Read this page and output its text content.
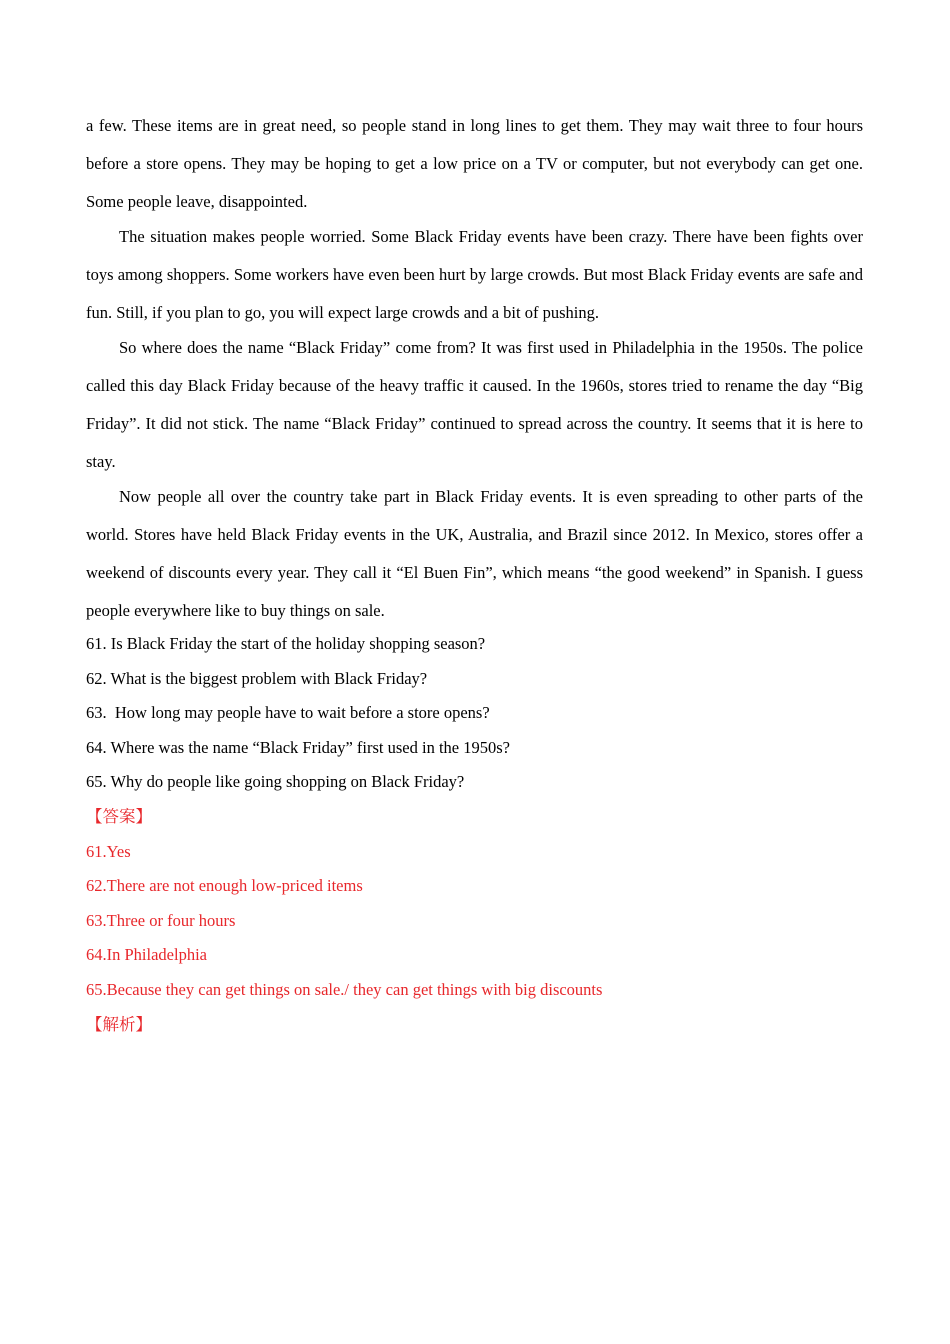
a few. These items are in great need, so people stand in long lines to get them. They may wait three to four hours before a store opens. They may be hoping to get a low price on a TV or computer, but not everybody can get one. Some people leave, disappointed.

The situation makes people worried. Some Black Friday events have been crazy. There have been fights over toys among shoppers. Some workers have even been hurt by large crowds. But most Black Friday events are safe and fun. Still, if you plan to go, you will expect large crowds and a bit of pushing.

So where does the name “Black Friday” come from? It was first used in Philadelphia in the 1950s. The police called this day Black Friday because of the heavy traffic it caused. In the 1960s, stores tried to rename the day “Big Friday”. It did not stick. The name “Black Friday” continued to spread across the country. It seems that it is here to stay.

Now people all over the country take part in Black Friday events. It is even spreading to other parts of the world. Stores have held Black Friday events in the UK, Australia, and Brazil since 2012. In Mexico, stores offer a weekend of discounts every year. They call it “El Buen Fin”, which means “the good weekend” in Spanish. I guess people everywhere like to buy things on sale.

61. Is Black Friday the start of the holiday shopping season?
62. What is the biggest problem with Black Friday?
63.  How long may people have to wait before a store opens?
64. Where was the name “Black Friday” first used in the 1950s?
65. Why do people like going shopping on Black Friday?
【答案】
61.Yes
62.There are not enough low-priced items
63.Three or four hours
64.In Philadelphia
65.Because they can get things on sale./ they can get things with big discounts
【解析】
